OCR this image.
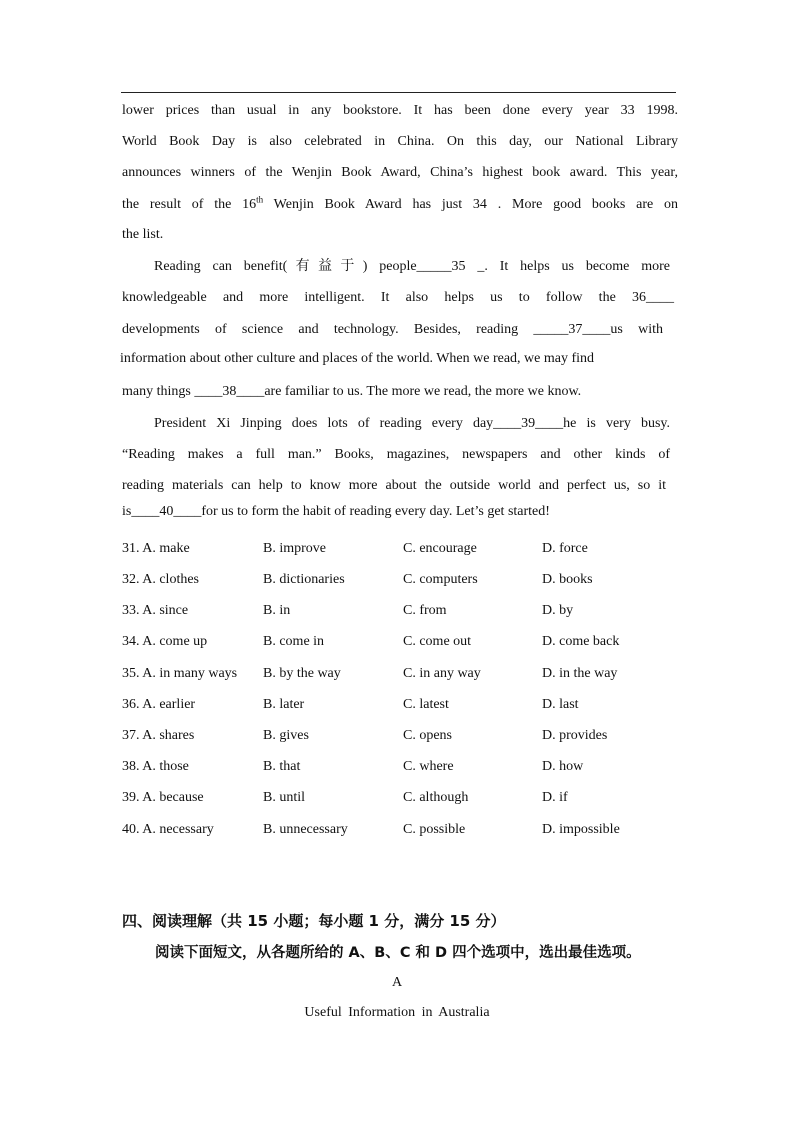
lower prices than usual in any bookstore. It has been done every year 33 1998.
World Book Day is also celebrated in China. On this day, our National Library
announces winners of the Wenjin Book Award, China’s highest book award. This year,
the result of the 16th Wenjin Book Award has just 34 . More good books are on
the list.
Reading can benefit(有益于) people_____35 _. It helps us become more
knowledgeable and more intelligent. It also helps us to follow the 36____
developments of science and technology. Besides, reading _____37____us with
information about other culture and places of the world. When we read, we may find
many things ____38____are familiar to us. The more we read, the more we know.
President Xi Jinping does lots of reading every day____39____he is very busy.
“Reading makes a full man.” Books, magazines, newspapers and other kinds of
reading materials can help to know more about the outside world and perfect us, so it
is____40____for us to form the habit of reading every day. Let’s get started!
31. A. make	B. improve	C. encourage	D. force
32. A. clothes	B. dictionaries	C. computers	D. books
33. A. since	B. in	C. from	D. by
34. A. come up	B. come in	C. come out	D. come back
35. A. in many ways B. by the way	C. in any way	D. in the way
36. A. earlier	B. later	C. latest	D. last
37. A. shares	B. gives	C. opens	D. provides
38. A. those	B. that	C. where	D. how
39. A. because	B. until	C. although	D. if
40. A. necessary	B. unnecessary	C. possible	D. impossible
四、阅读理解（共 15 小题；每小题 1 分，满分 15 分）
阅读下面短文，从各题所给的 A、B、C 和 D 四个选项中，选出最佳选项。
A
Useful Information in Australia
